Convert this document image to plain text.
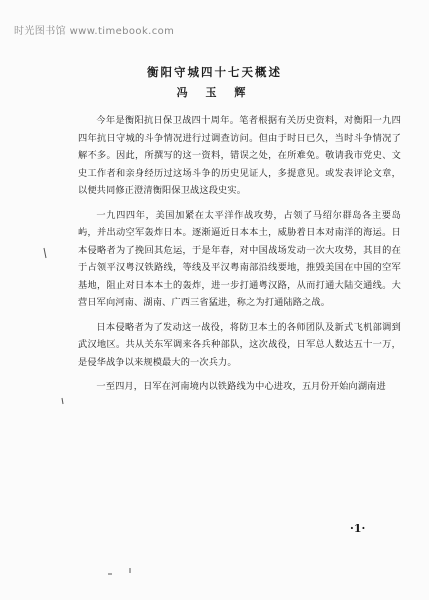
时光图书馆 www.timebook.com
衡阳守城四十七天概述
冯 玉 辉

今年是衡阳抗日保卫战四十周年。笔者根据有关历史资料，对衡阳一九四四年抗日守城的斗争情况进行过调查访问。但由于时日已久，当时斗争情况了解不多。因此，所撰写的这一资料，错误之处，在所难免。敬请我市党史、文史工作者和亲身经历过这场斗争的历史见证人，多提意见。或发表评论文章，以便共同修正澄清衡阳保卫战这段史实。

一九四四年，美国加紧在太平洋作战攻势，占领了马绍尔群岛各主要岛屿，并出动空军轰炸日本。逐渐逼近日本本土，威胁着日本对南洋的海运。日本侵略者为了挽回其危运，于是年春，对中国战场发动一次大攻势，其目的在于占领平汉粤汉铁路线，等线及平汉粤南部沿线要地，推毁美国在中国的空军基地，阻止对日本本土的轰炸，进一步打通粤汉路，从而打通大陆交通线。大营日军向河南、湖南、广西三省猛进，称之为打通陆路之战。

日本侵略者为了发动这一战役，将防卫本土的各师团队及新式飞机部调到武汉地区。共从关东军调来各兵种部队，这次战役，日军总人数达五十一万，是侵华战争以来规模最大的一次兵力。

一至四月，日军在河南境内以铁路线为中心进攻，五月份开始向湖南进

·1·
